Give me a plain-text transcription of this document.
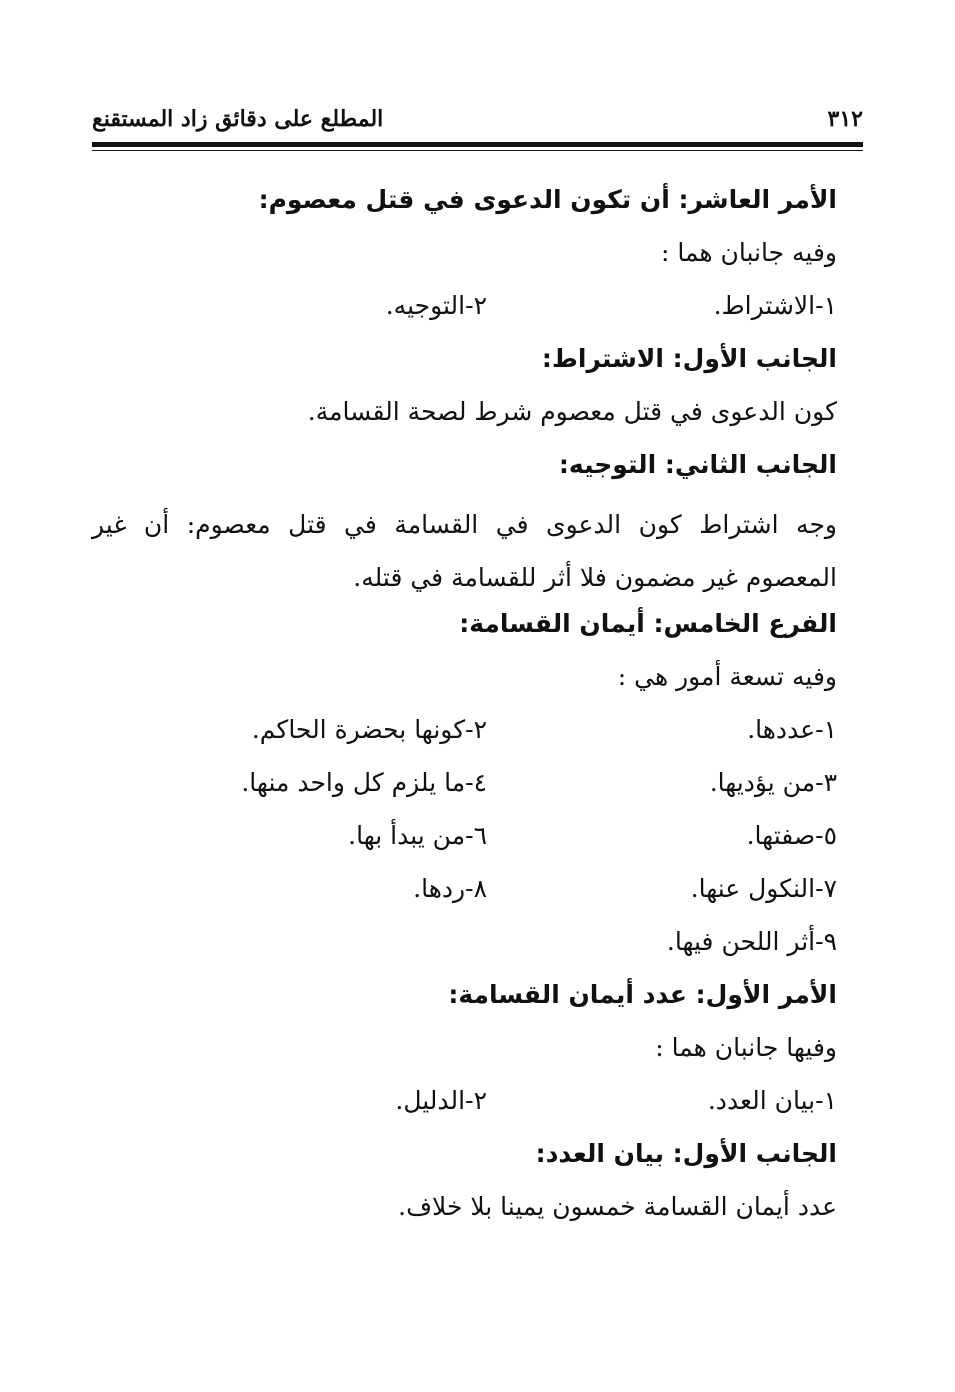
٣١٢
المطلع على دقائق زاد المستقنع
الأمر العاشر: أن تكون الدعوى في قتل معصوم:
وفيه جانبان هما :
١-الاشتراط.
٢-التوجيه.
الجانب الأول: الاشتراط:
كون الدعوى في قتل معصوم شرط لصحة القسامة.
الجانب الثاني: التوجيه:
وجه اشتراط كون الدعوى في القسامة في قتل معصوم: أن غير المعصوم غير مضمون فلا أثر للقسامة في قتله.
الفرع الخامس: أيمان القسامة:
وفيه تسعة أمور هي :
١-عددها.
٢-كونها بحضرة الحاكم.
٣-من يؤديها.
٤-ما يلزم كل واحد منها.
٥-صفتها.
٦-من يبدأ بها.
٧-النكول عنها.
٨-ردها.
٩-أثر اللحن فيها.
الأمر الأول: عدد أيمان القسامة:
وفيها جانبان هما :
١-بيان العدد.
٢-الدليل.
الجانب الأول: بيان العدد:
عدد أيمان القسامة خمسون يمينا بلا خلاف.
